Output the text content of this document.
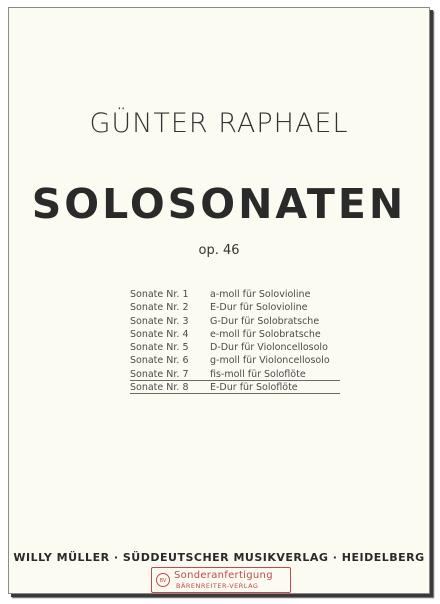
GÜNTER RAPHAEL
SOLOSONATEN
op. 46
Sonate Nr. 1 a-moll für Solovioline
Sonate Nr. 2 E-Dur für Solovioline
Sonate Nr. 3 G-Dur für Solobratsche
Sonate Nr. 4 e-moll für Solobratsche
Sonate Nr. 5 D-Dur für Violoncellosolo
Sonate Nr. 6 g-moll für Violoncellosolo
Sonate Nr. 7 fis-moll für Soloflöte
Sonate Nr. 8 E-Dur für Soloflöte
WILLY MÜLLER · SÜDDEUTSCHER MUSIKVERLAG · HEIDELBERG
BV Sonderanfertigung
BÄRENREITER-VERLAG
